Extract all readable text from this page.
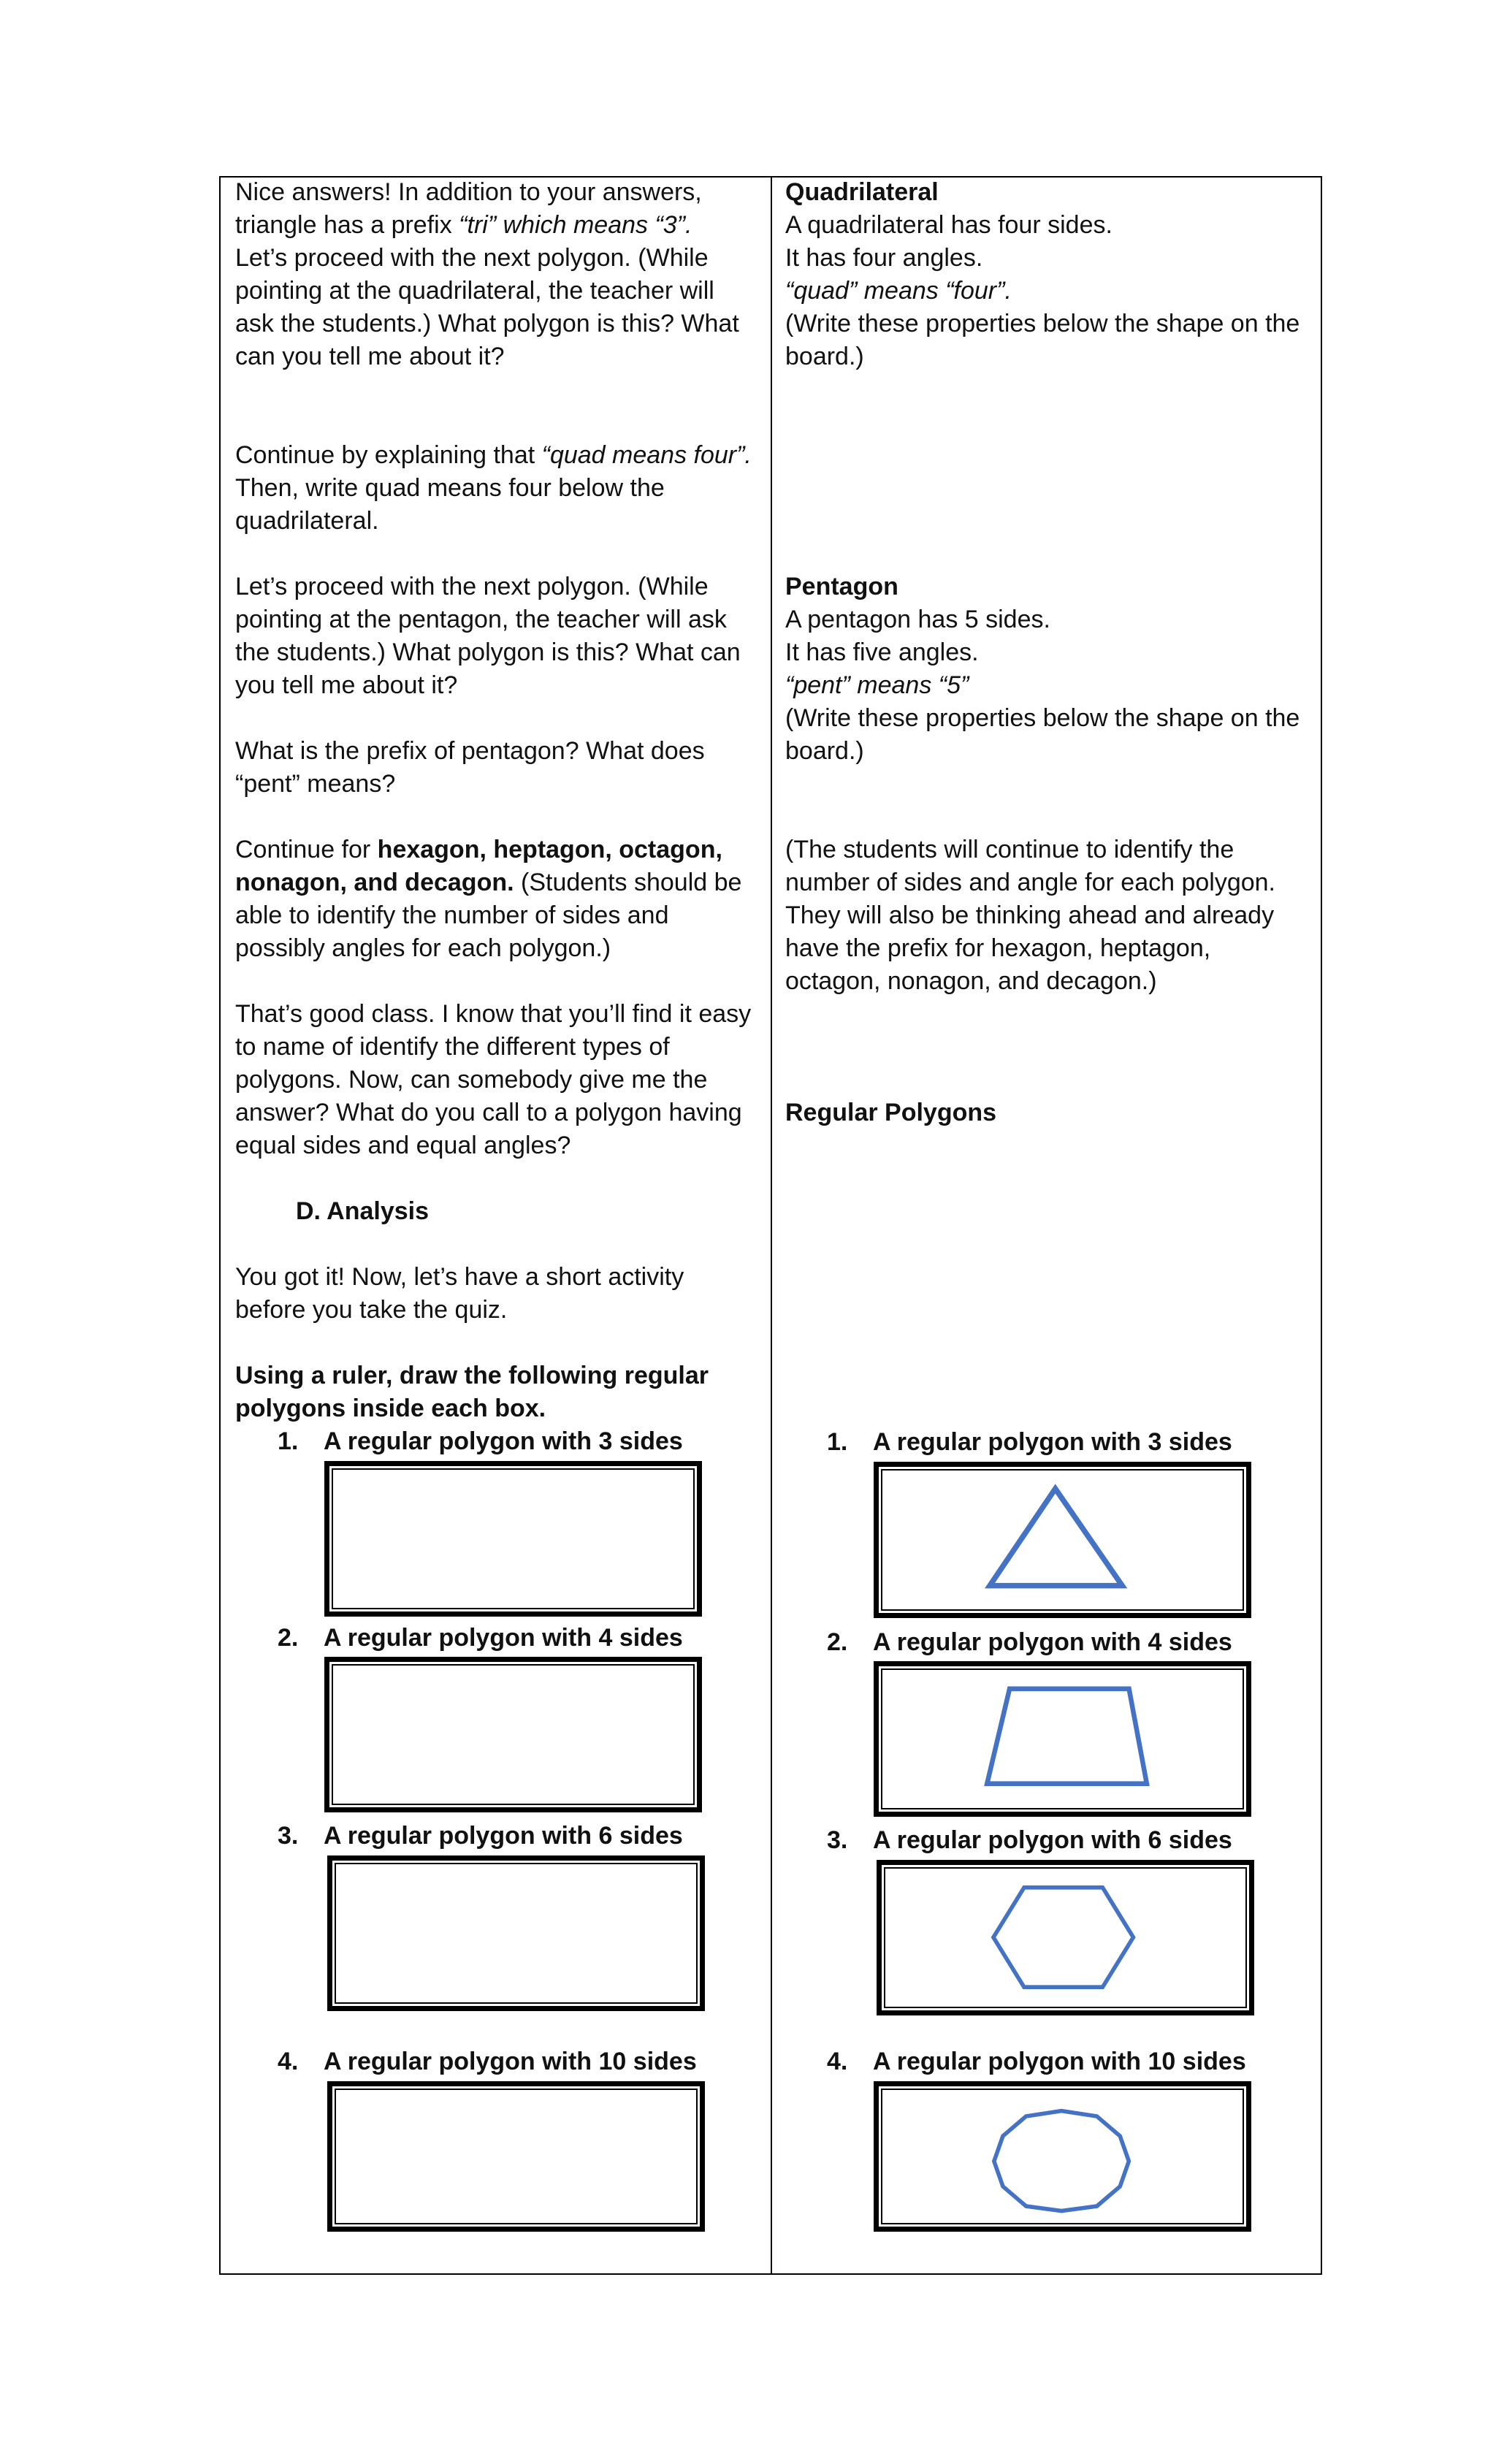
Nice answers! In addition to your answers,
triangle has a prefix “tri” which means “3”.
Let’s proceed with the next polygon. (While
pointing at the quadrilateral, the teacher will
ask the students.) What polygon is this? What
can you tell me about it?
Continue by explaining that “quad means four”.
Then, write quad means four below the
quadrilateral.
Let’s proceed with the next polygon. (While
pointing at the pentagon, the teacher will ask
the students.) What polygon is this? What can
you tell me about it?
What is the prefix of pentagon? What does
“pent” means?
Continue for hexagon, heptagon, octagon,
nonagon, and decagon. (Students should be
able to identify the number of sides and
possibly angles for each polygon.)
That’s good class. I know that you’ll find it easy
to name of identify the different types of
polygons. Now, can somebody give me the
answer? What do you call to a polygon having
equal sides and equal angles?
D. Analysis
You got it! Now, let’s have a short activity
before you take the quiz.
Using a ruler, draw the following regular
polygons inside each box.
1. A regular polygon with 3 sides
2. A regular polygon with 4 sides
3. A regular polygon with 6 sides
4. A regular polygon with 10 sides
Quadrilateral
A quadrilateral has four sides.
It has four angles.
“quad” means “four”.
(Write these properties below the shape on the
board.)
Pentagon
A pentagon has 5 sides.
It has five angles.
“pent” means “5”
(Write these properties below the shape on the
board.)
(The students will continue to identify the
number of sides and angle for each polygon.
They will also be thinking ahead and already
have the prefix for hexagon, heptagon,
octagon, nonagon, and decagon.)
Regular Polygons
1. A regular polygon with 3 sides
2. A regular polygon with 4 sides
3. A regular polygon with 6 sides
4. A regular polygon with 10 sides
